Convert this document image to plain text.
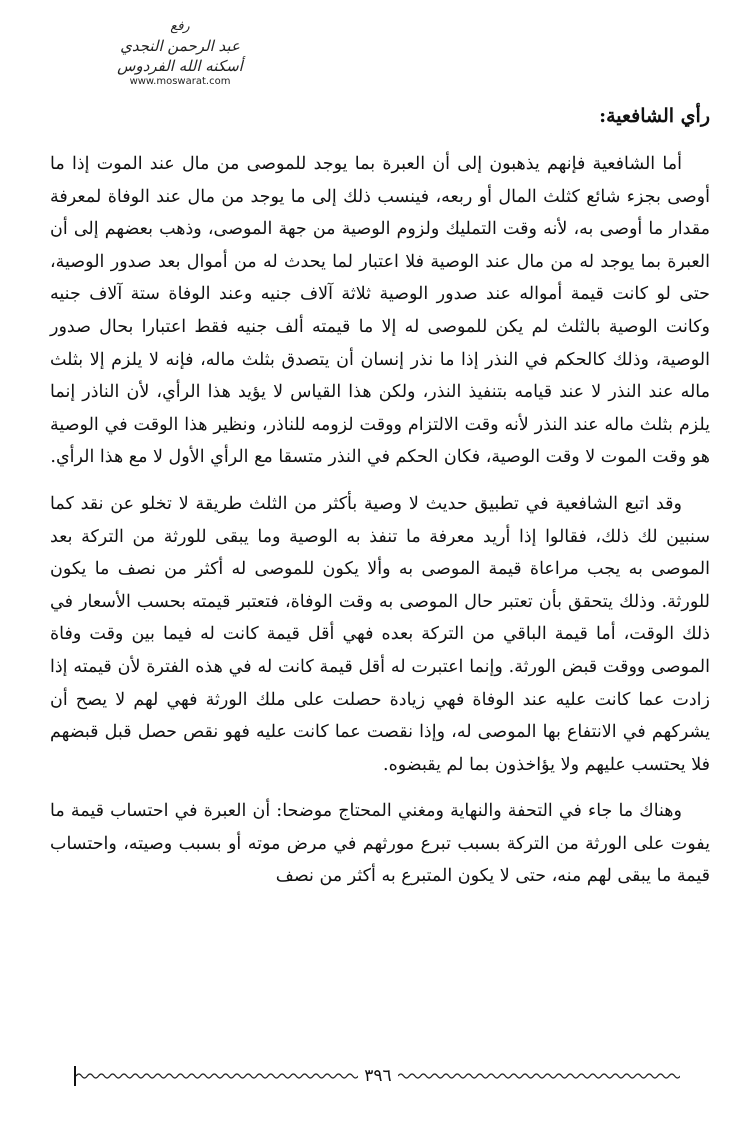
رفع
عبد الرحمن النجدي
أسكنه الله الفردوس
www.moswarat.com
رأي الشافعية:

أما الشافعية فإنهم يذهبون إلى أن العبرة بما يوجد للموصى من مال عند الموت إذا ما أوصى بجزء شائع كثلث المال أو ربعه، فينسب ذلك إلى ما يوجد من مال عند الوفاة لمعرفة مقدار ما أوصى به، لأنه وقت التمليك ولزوم الوصية من جهة الموصى، وذهب بعضهم إلى أن العبرة بما يوجد له من مال عند الوصية فلا اعتبار لما يحدث له من أموال بعد صدور الوصية، حتى لو كانت قيمة أمواله عند صدور الوصية ثلاثة آلاف جنيه وعند الوفاة ستة آلاف جنيه وكانت الوصية بالثلث لم يكن للموصى له إلا ما قيمته ألف جنيه فقط اعتبارا بحال صدور الوصية، وذلك كالحكم في النذر إذا ما نذر إنسان أن يتصدق بثلث ماله، فإنه لا يلزم إلا بثلث ماله عند النذر لا عند قيامه بتنفيذ النذر، ولكن هذا القياس لا يؤيد هذا الرأي، لأن الناذر إنما يلزم بثلث ماله عند النذر لأنه وقت الالتزام ووقت لزومه للناذر، ونظير هذا الوقت في الوصية هو وقت الموت لا وقت الوصية، فكان الحكم في النذر متسقا مع الرأي الأول لا مع هذا الرأي.

وقد اتبع الشافعية في تطبيق حديث لا وصية بأكثر من الثلث طريقة لا تخلو عن نقد كما سنبين لك ذلك، فقالوا إذا أريد معرفة ما تنفذ به الوصية وما يبقى للورثة من التركة بعد الموصى به يجب مراعاة قيمة الموصى به وألا يكون للموصى له أكثر من نصف ما يكون للورثة. وذلك يتحقق بأن تعتبر حال الموصى به وقت الوفاة، فتعتبر قيمته بحسب الأسعار في ذلك الوقت، أما قيمة الباقي من التركة بعده فهي أقل قيمة كانت له فيما بين وقت وفاة الموصى ووقت قبض الورثة. وإنما اعتبرت له أقل قيمة كانت له في هذه الفترة لأن قيمته إذا زادت عما كانت عليه عند الوفاة فهي زيادة حصلت على ملك الورثة فهي لهم لا يصح أن يشركهم في الانتفاع بها الموصى له، وإذا نقصت عما كانت عليه فهو نقص حصل قبل قبضهم فلا يحتسب عليهم ولا يؤاخذون بما لم يقبضوه.

وهناك ما جاء في التحفة والنهاية ومغني المحتاج موضحا: أن العبرة في احتساب قيمة ما يفوت على الورثة من التركة بسبب تبرع مورثهم في مرض موته أو بسبب وصيته، واحتساب قيمة ما يبقى لهم منه، حتى لا يكون المتبرع به أكثر من نصف

٣٩٦
